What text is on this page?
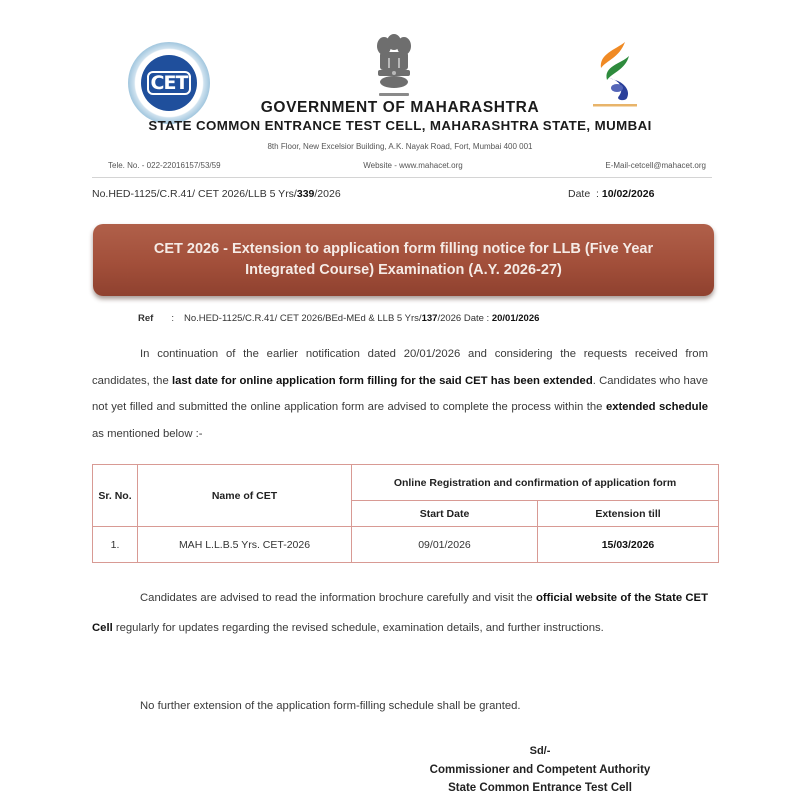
CET
GOVERNMENT OF MAHARASHTRA
STATE COMMON ENTRANCE TEST CELL, MAHARASHTRA STATE, MUMBAI
8th Floor, New Excelsior Building, A.K. Nayak Road, Fort, Mumbai 400 001
Tele. No. - 022-22016157/53/59	Website - www.mahacet.org	E-Mail-cetcell@mahacet.org
No.HED-1125/C.R.41/ CET 2026/LLB 5 Yrs/339/2026	Date  : 10/02/2026
CET 2026 - Extension to application form filling notice for LLB (Five Year Integrated Course) Examination (A.Y. 2026-27)
Ref : No.HED-1125/C.R.41/ CET 2026/BEd-MEd & LLB 5 Yrs/137/2026 Date : 20/01/2026
In continuation of the earlier notification dated 20/01/2026 and considering the requests received from candidates, the last date for online application form filling for the said CET has been extended. Candidates who have not yet filled and submitted the online application form are advised to complete the process within the extended schedule as mentioned below :-
Sr. No.	Name of CET	Online Registration and confirmation of application form	
		Start Date	Extension till
1.	MAH L.L.B.5 Yrs. CET-2026	09/01/2026	15/03/2026
Candidates are advised to read the information brochure carefully and visit the official website of the State CET Cell regularly for updates regarding the revised schedule, examination details, and further instructions.
No further extension of the application form-filling schedule shall be granted.
Sd/-
Commissioner and Competent Authority
State Common Entrance Test Cell
